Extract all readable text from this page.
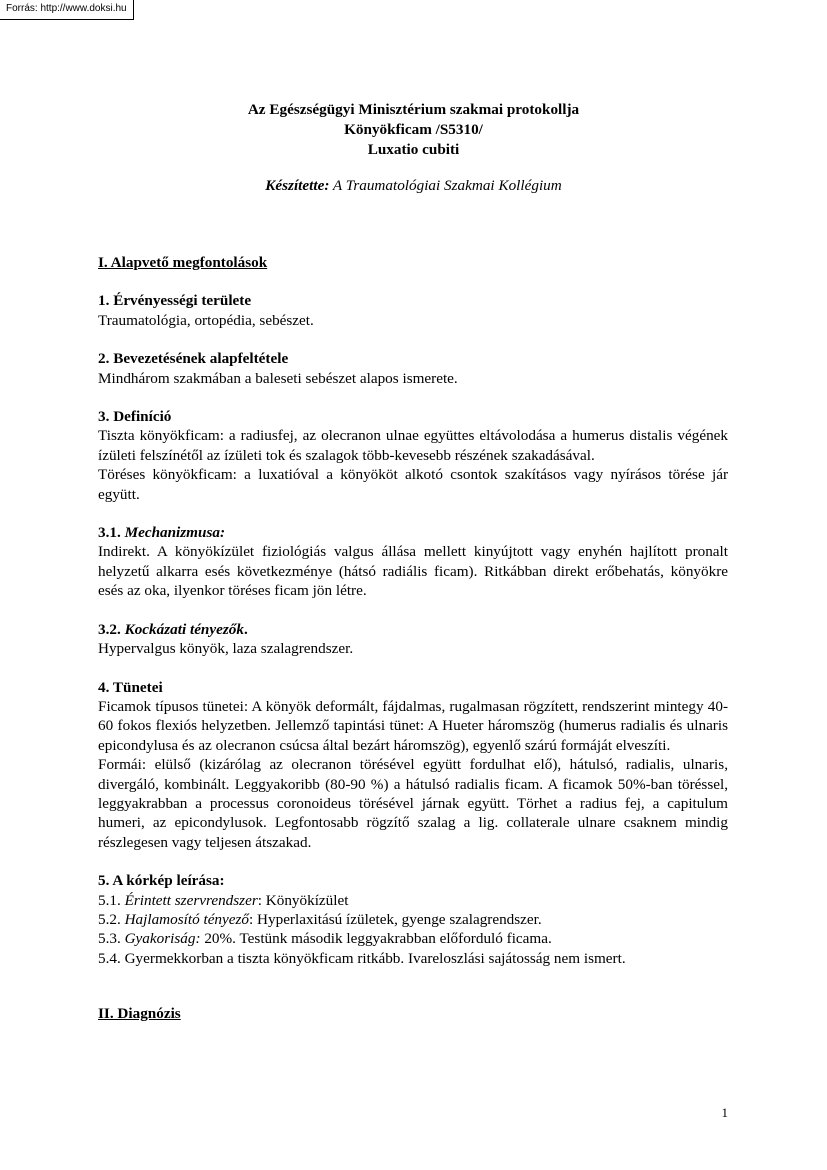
Forrás: http://www.doksi.hu
Az Egészségügyi Minisztérium szakmai protokollja
Könyökficam /S5310/
Luxatio cubiti
Készítette: A Traumatológiai Szakmai Kollégium
I. Alapvető megfontolások
1. Érvényességi területe
Traumatológia, ortopédia, sebészet.
2. Bevezetésének alapfeltétele
Mindhárom szakmában a baleseti sebészet alapos ismerete.
3. Definíció
Tiszta könyökficam: a radiusfej, az olecranon ulnae együttes eltávolodása a humerus distalis végének ízületi felszínétől az ízületi tok és szalagok több-kevesebb részének szakadásával.
Töréses könyökficam: a luxatióval a könyököt alkotó csontok szakításos vagy nyírásos törése jár együtt.
3.1. Mechanizmusa:
Indirekt. A könyökízület fiziológiás valgus állása mellett kinyújtott vagy enyhén hajlított pronalt helyzetű alkarra esés következménye (hátsó radiális ficam). Ritkábban direkt erőbehatás, könyökre esés az oka, ilyenkor töréses ficam jön létre.
3.2. Kockázati tényezők.
Hypervalgus könyök, laza szalagrendszer.
4. Tünetei
Ficamok típusos tünetei: A könyök deformált, fájdalmas, rugalmasan rögzített, rendszerint mintegy 40-60 fokos flexiós helyzetben. Jellemző tapintási tünet: A Hueter háromszög (humerus radialis és ulnaris epicondylusa és az olecranon csúcsa által bezárt háromszög), egyenlő szárú formáját elveszíti.
Formái: elülső (kizárólag az olecranon törésével együtt fordulhat elő), hátulsó, radialis, ulnaris, divergáló, kombinált. Leggyakoribb (80-90 %) a hátulsó radialis ficam. A ficamok 50%-ban töréssel, leggyakrabban a processus coronoideus törésével járnak együtt. Törhet a radius fej, a capitulum humeri, az epicondylusok. Legfontosabb rögzítő szalag a lig. collaterale ulnare csaknem mindig részlegesen vagy teljesen átszakad.
5. A kórkép leírása:
5.1. Érintett szervrendszer: Könyökízület
5.2. Hajlamosító tényező: Hyperlaxitású ízületek, gyenge szalagrendszer.
5.3. Gyakoriság: 20%. Testünk második leggyakrabban előforduló ficama.
5.4. Gyermekkorban a tiszta könyökficam ritkább. Ivareloszlási sajátosság nem ismert.
II. Diagnózis
1
